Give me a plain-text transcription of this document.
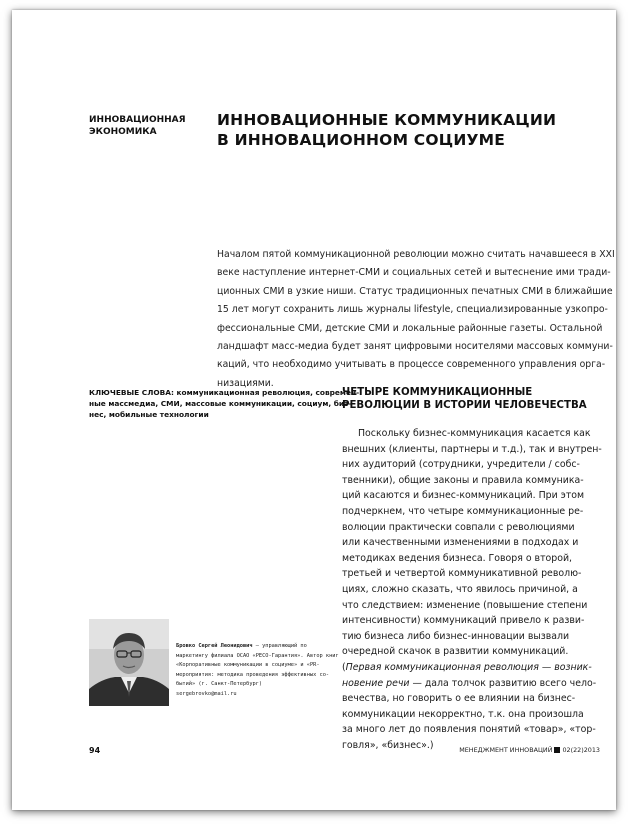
ИННОВАЦИОННАЯ
ЭКОНОМИКА
ИННОВАЦИОННЫЕ КОММУНИКАЦИИ
В ИННОВАЦИОННОМ СОЦИУМЕ
Началом пятой коммуникационной революции можно считать начавшееся в XXI
веке наступление интернет-СМИ и социальных сетей и вытеснение ими тради-
ционных СМИ в узкие ниши. Статус традиционных печатных СМИ в ближайшие
15 лет могут сохранить лишь журналы lifestyle, специализированные узкопро-
фессиональные СМИ, детские СМИ и локальные районные газеты. Остальной
ландшафт масс-медиа будет занят цифровыми носителями массовых коммуни-
каций, что необходимо учитывать в процессе современного управления орга-
низациями.
КЛЮЧЕВЫЕ СЛОВА: коммуникационная революция, современ-
ные массмедиа, СМИ, массовые коммуникации, социум, биз-
нес, мобильные технологии
ЧЕТЫРЕ КОММУНИКАЦИОННЫЕ
РЕВОЛЮЦИИ В ИСТОРИИ ЧЕЛОВЕЧЕСТВА
Поскольку бизнес-коммуникация касается как
внешних (клиенты, партнеры и т.д.), так и внутрен-
них аудиторий (сотрудники, учредители / собс-
твенники), общие законы и правила коммуника-
ций касаются и бизнес-коммуникаций. При этом
подчеркнем, что четыре коммуникационные ре-
волюции практически совпали с революциями
или качественными изменениями в подходах и
методиках ведения бизнеса. Говоря о второй,
третьей и четвертой коммуникативной револю-
циях, сложно сказать, что явилось причиной, а
что следствием: изменение (повышение степени
интенсивности) коммуникаций привело к разви-
тию бизнеса либо бизнес-инновации вызвали
очередной скачок в развитии коммуникаций.
(Первая коммуникационная революция — возник-
новение речи — дала толчок развитию всего чело-
вечества, но говорить о ее влиянии на бизнес-
коммуникации некорректно, т.к. она произошла
за много лет до появления понятий «товар», «тор-
говля», «бизнес».)
Бровко Сергей Леонидович — управляющий по
маркетингу филиала ОСАО «РЕСО-Гарантия». Автор книг
«Корпоративные коммуникации в социуме» и «PR-
мероприятия: методика проведения эффективных со-
бытий» (г. Санкт-Петербург)
sergebrovko@mail.ru
94	МЕНЕДЖМЕНТ ИННОВАЦИЙ 02(22)2013
